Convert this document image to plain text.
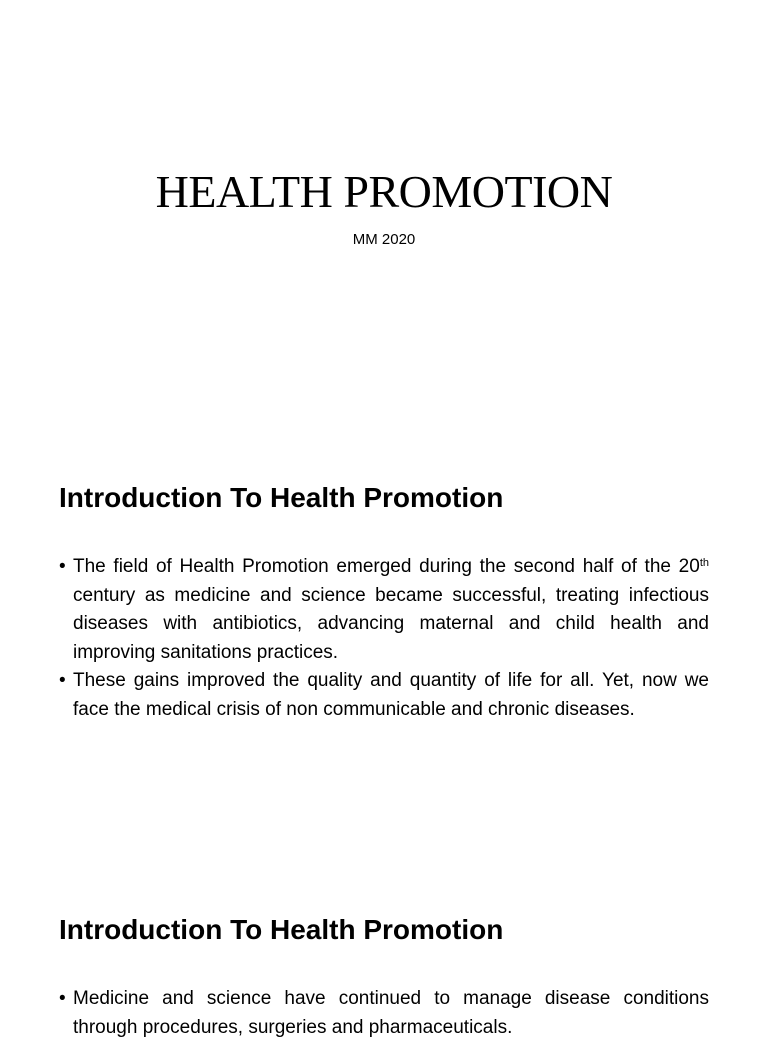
HEALTH PROMOTION
MM 2020
Introduction To Health Promotion
• The field of Health Promotion emerged during the second half of the 20th century as medicine and science became successful, treating infectious diseases with antibiotics, advancing maternal and child health and improving sanitations practices.
• These gains improved the quality and quantity of life for all. Yet, now we face the medical crisis of non communicable and chronic diseases.
Introduction To Health Promotion
• Medicine and science have continued to manage disease conditions through procedures, surgeries and pharmaceuticals.
